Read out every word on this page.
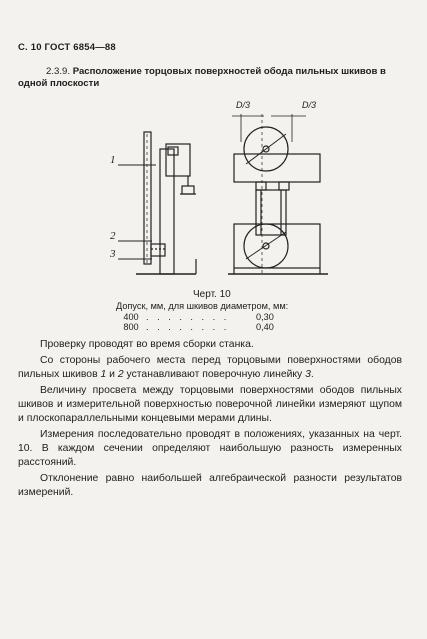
С. 10 ГОСТ 6854—88
2.3.9. Расположение торцовых поверхностей обода пильных шкивов в одной плоскости
D/3	D/3
1
2
3
Черт. 10
Допуск, мм, для шкивов диаметром, мм:
400 . . . . . . . .	0,30
800 . . . . . . . .	0,40

Проверку проводят во время сборки станка.

Со стороны рабочего места перед торцовыми поверхностями ободов пильных шкивов 1 и 2 устанавливают поверочную линейку 3.

Величину просвета между торцовыми поверхностями ободов пильных шкивов и измерительной поверхностью поверочной линейки измеряют щупом и плоскопараллельными концевыми мерами длины.

Измерения последовательно проводят в положениях, указанных на черт. 10. В каждом сечении определяют наибольшую разность измеренных расстояний.

Отклонение равно наибольшей алгебраической разности результатов измерений.
